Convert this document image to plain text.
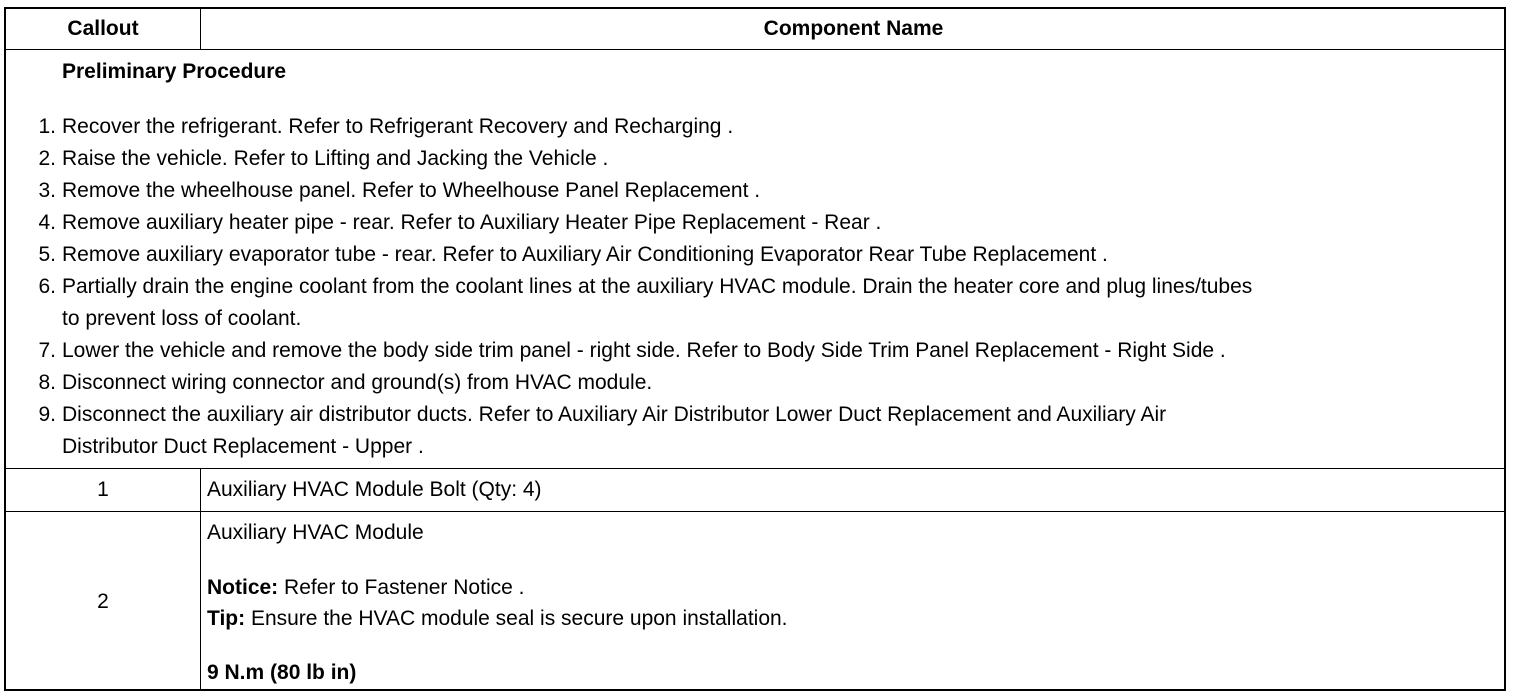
Callout	Component Name
Preliminary Procedure
1. Recover the refrigerant. Refer to Refrigerant Recovery and Recharging .
2. Raise the vehicle. Refer to Lifting and Jacking the Vehicle .
3. Remove the wheelhouse panel. Refer to Wheelhouse Panel Replacement .
4. Remove auxiliary heater pipe - rear. Refer to Auxiliary Heater Pipe Replacement - Rear .
5. Remove auxiliary evaporator tube - rear. Refer to Auxiliary Air Conditioning Evaporator Rear Tube Replacement .
6. Partially drain the engine coolant from the coolant lines at the auxiliary HVAC module. Drain the heater core and plug lines/tubes
to prevent loss of coolant.
7. Lower the vehicle and remove the body side trim panel - right side. Refer to Body Side Trim Panel Replacement - Right Side .
8. Disconnect wiring connector and ground(s) from HVAC module.
9. Disconnect the auxiliary air distributor ducts. Refer to Auxiliary Air Distributor Lower Duct Replacement and Auxiliary Air
Distributor Duct Replacement - Upper .
1	Auxiliary HVAC Module Bolt (Qty: 4)
2
Auxiliary HVAC Module
Notice: Refer to Fastener Notice .
Tip: Ensure the HVAC module seal is secure upon installation.
9 N.m (80 lb in)
